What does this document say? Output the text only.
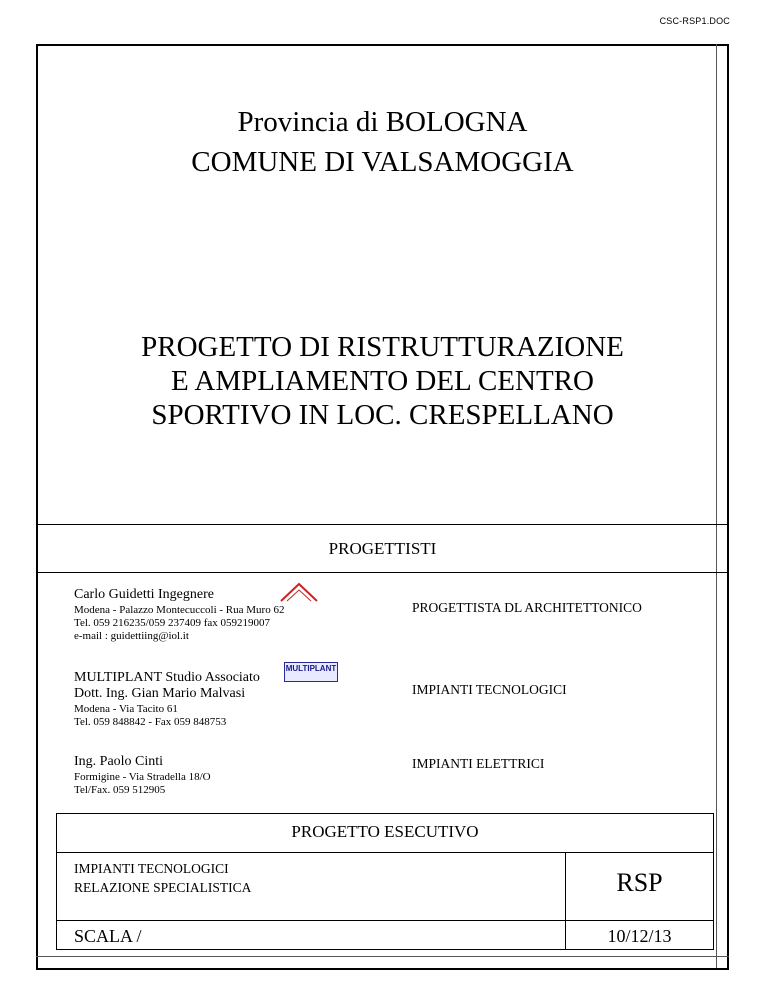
CSC-RSP1.DOC
Provincia di BOLOGNA
COMUNE DI VALSAMOGGIA
PROGETTO DI RISTRUTTURAZIONE
E AMPLIAMENTO DEL CENTRO
SPORTIVO IN LOC. CRESPELLANO
PROGETTISTI
Carlo Guidetti Ingegnere
Modena - Palazzo Montecuccoli - Rua Muro 62
Tel. 059 216235/059 237409 fax 059219007
e-mail : guidettiing@iol.it
PROGETTISTA DL ARCHITETTONICO
MULTIPLANT Studio Associato
Dott. Ing. Gian Mario Malvasi
Modena - Via Tacito 61
Tel. 059 848842 - Fax 059 848753
MULTIPLANT
IMPIANTI TECNOLOGICI
Ing. Paolo Cinti
Formigine - Via Stradella 18/O
Tel/Fax. 059 512905
IMPIANTI ELETTRICI
PROGETTO ESECUTIVO
IMPIANTI TECNOLOGICI
RELAZIONE SPECIALISTICA	RSP
SCALA /	10/12/13
